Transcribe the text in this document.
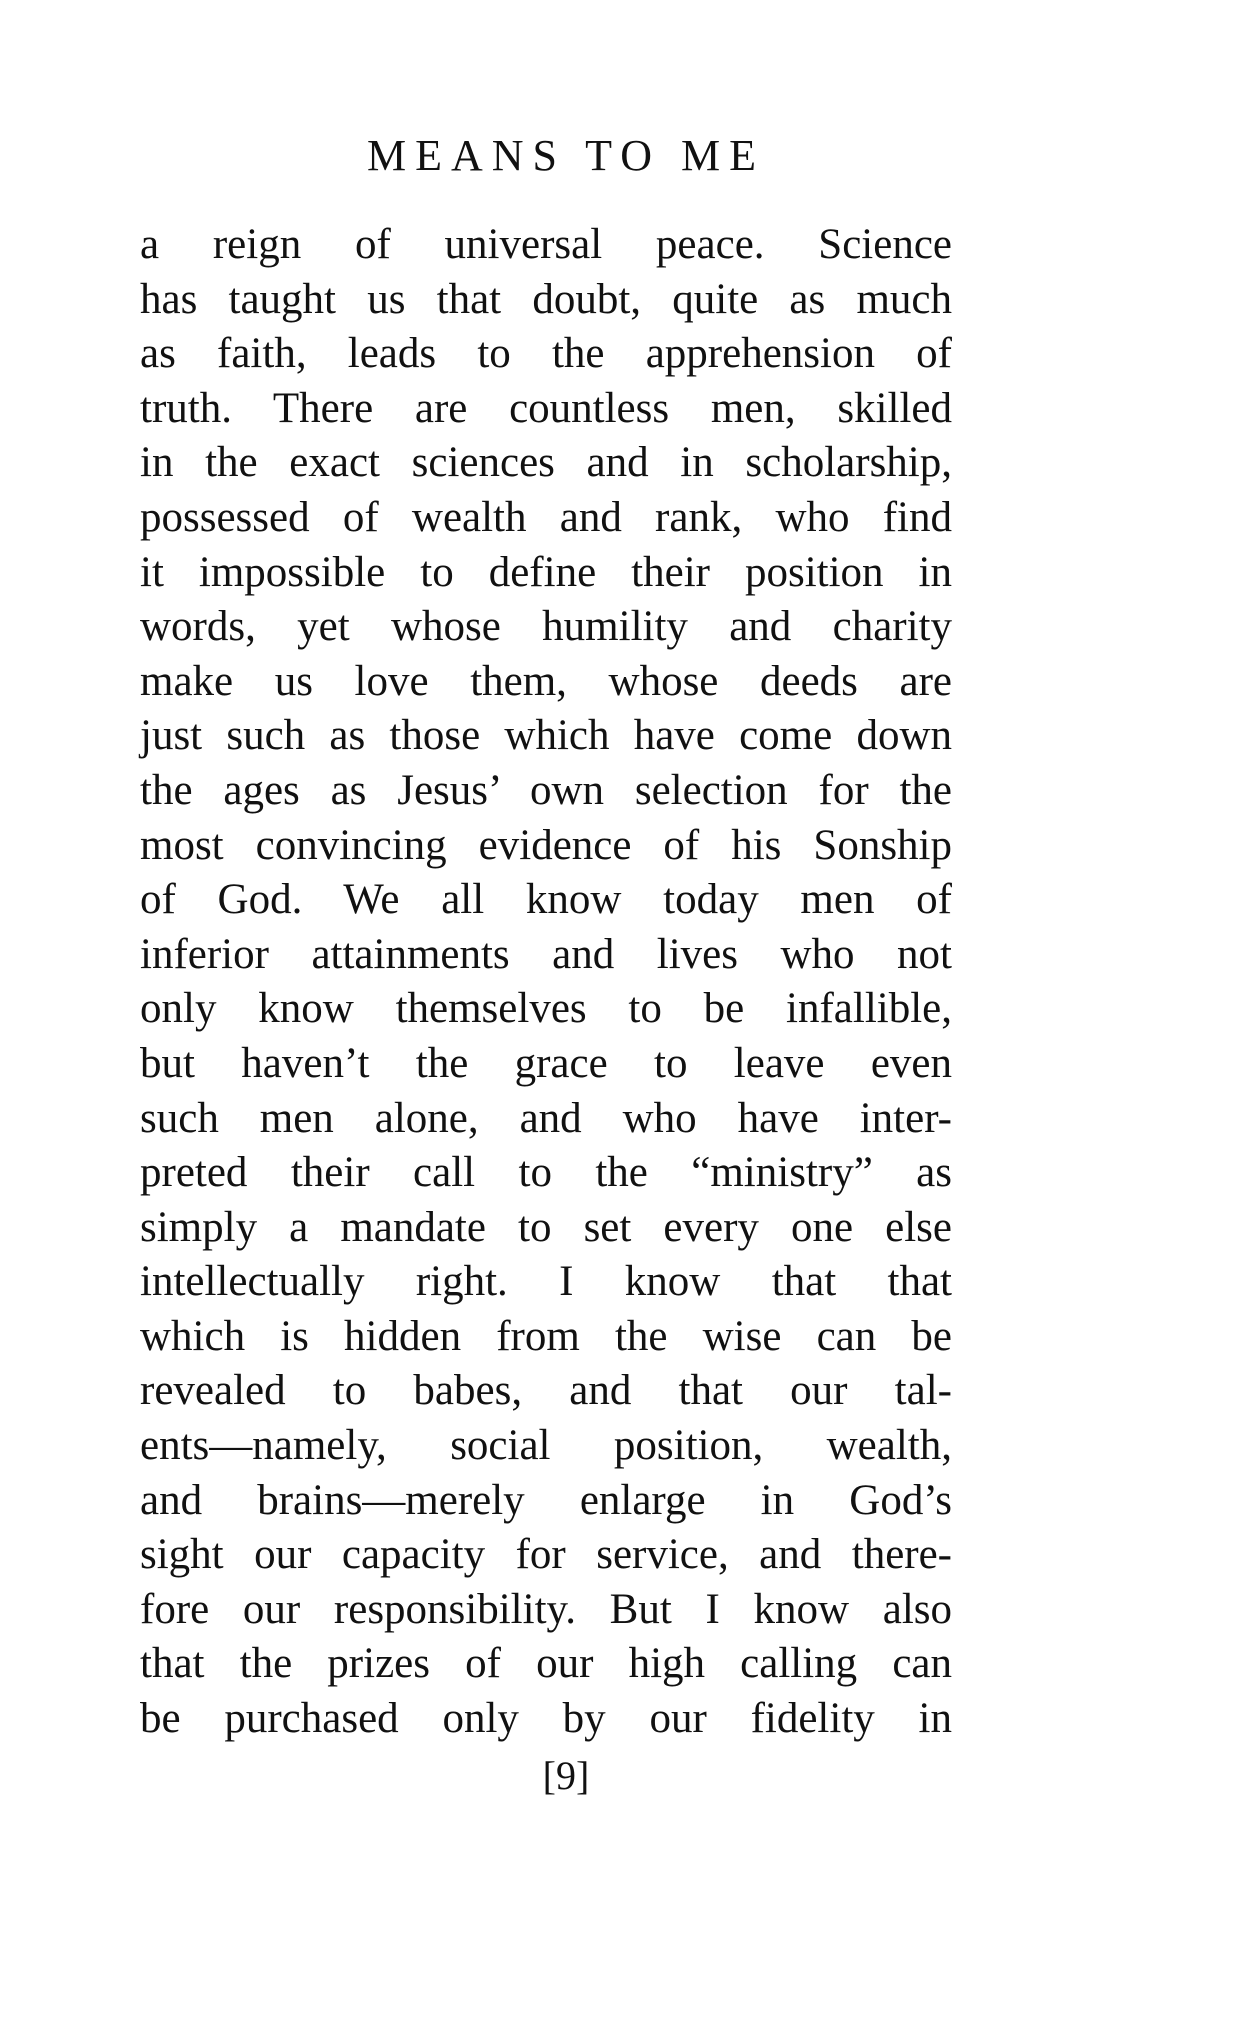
MEANS TO ME
a reign of universal peace. Science
has taught us that doubt, quite as much
as faith, leads to the apprehension of
truth. There are countless men, skilled
in the exact sciences and in scholarship,
possessed of wealth and rank, who find
it impossible to define their position in
words, yet whose humility and charity
make us love them, whose deeds are
just such as those which have come down
the ages as Jesus’ own selection for the
most convincing evidence of his Sonship
of God. We all know today men of
inferior attainments and lives who not
only know themselves to be infallible,
but haven’t the grace to leave even
such men alone, and who have inter-
preted their call to the “ministry” as
simply a mandate to set every one else
intellectually right. I know that that
which is hidden from the wise can be
revealed to babes, and that our tal-
ents—namely, social position, wealth,
and brains—merely enlarge in God’s
sight our capacity for service, and there-
fore our responsibility. But I know also
that the prizes of our high calling can
be purchased only by our fidelity in
[9]
